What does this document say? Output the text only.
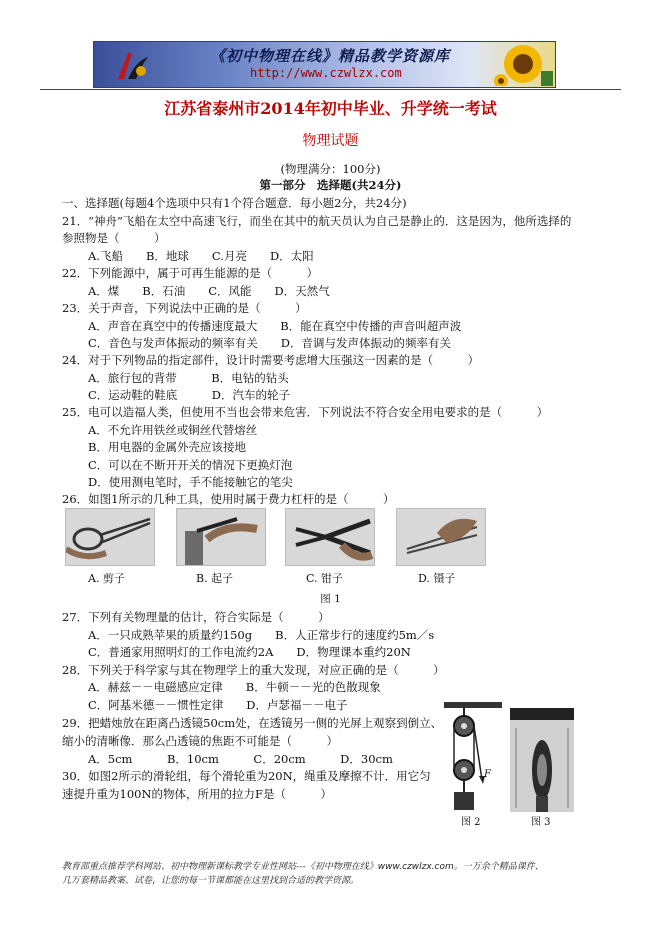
《初中物理在线》精品教学资源库
http://www.czwlzx.com
江苏省泰州市2014年初中毕业、升学统一考试
物理试题
(物理满分：100分)
第一部分　选择题(共24分)
一、选择题(每题4个选项中只有1个符合题意．每小题2分，共24分)
21．“神舟”飞船在太空中高速飞行，而坐在其中的航天员认为自己是静止的．这是因为，他所选择的
参照物是（　　　）
A.飞船　　B．地球　　C.月亮　　D．太阳
22．下列能源中，属于可再生能源的是（　　　）
A．煤　　B．石油　　C．风能　　D．天然气
23．关于声音，下列说法中正确的是（　　　）
A．声音在真空中的传播速度最大　　B．能在真空中传播的声音叫超声波
C．音色与发声体振动的频率有关　　D．音调与发声体振动的频率有关
24．对于下列物品的指定部件，设计时需要考虑增大压强这一因素的是（　　　）
A．旅行包的背带　　　B．电钻的钻头
C．运动鞋的鞋底　　　D．汽车的轮子
25．电可以造福人类，但使用不当也会带来危害．下列说法不符合安全用电要求的是（　　　）
A．不允许用铁丝或铜丝代替熔丝
B．用电器的金属外壳应该接地
C．可以在不断开开关的情况下更换灯泡
D．使用测电笔时，手不能接触它的笔尖
26．如图1所示的几种工具，使用时属于费力杠杆的是（　　　）
A. 剪子	B. 起子	C. 钳子	D. 镊子
图 1
27．下列有关物理量的估计，符合实际是（　　　）
A．一只成熟苹果的质量约150g　　B．人正常步行的速度约5m／s
C．普通家用照明灯的工作电流约2A　　D．物理课本重约20N
28．下列关于科学家与其在物理学上的重大发现，对应正确的是（　　　）
A．赫兹－－电磁感应定律　　B．牛顿－－光的色散现象
C．阿基米德－－惯性定律　　D．卢瑟福－－电子
29．把蜡烛放在距离凸透镜50cm处，在透镜另一侧的光屏上观察到倒立、
缩小的清晰像．那么凸透镜的焦距不可能是（　　　）
A．5cm　　　B．10cm　　　C．20cm　　　D．30cm
30．如图2所示的滑轮组，每个滑轮重为20N，绳重及摩擦不计．用它匀
速提升重为100N的物体，所用的拉力F是（　　　）
F
图 2	图 3
教育部重点推荐学科网站、初中物理新课标教学专业性网站---《初中物理在线》www.czwlzx.com。一万余个精品课件、
几万套精品教案、试卷，让您的每一节课都能在这里找到合适的教学资源。
